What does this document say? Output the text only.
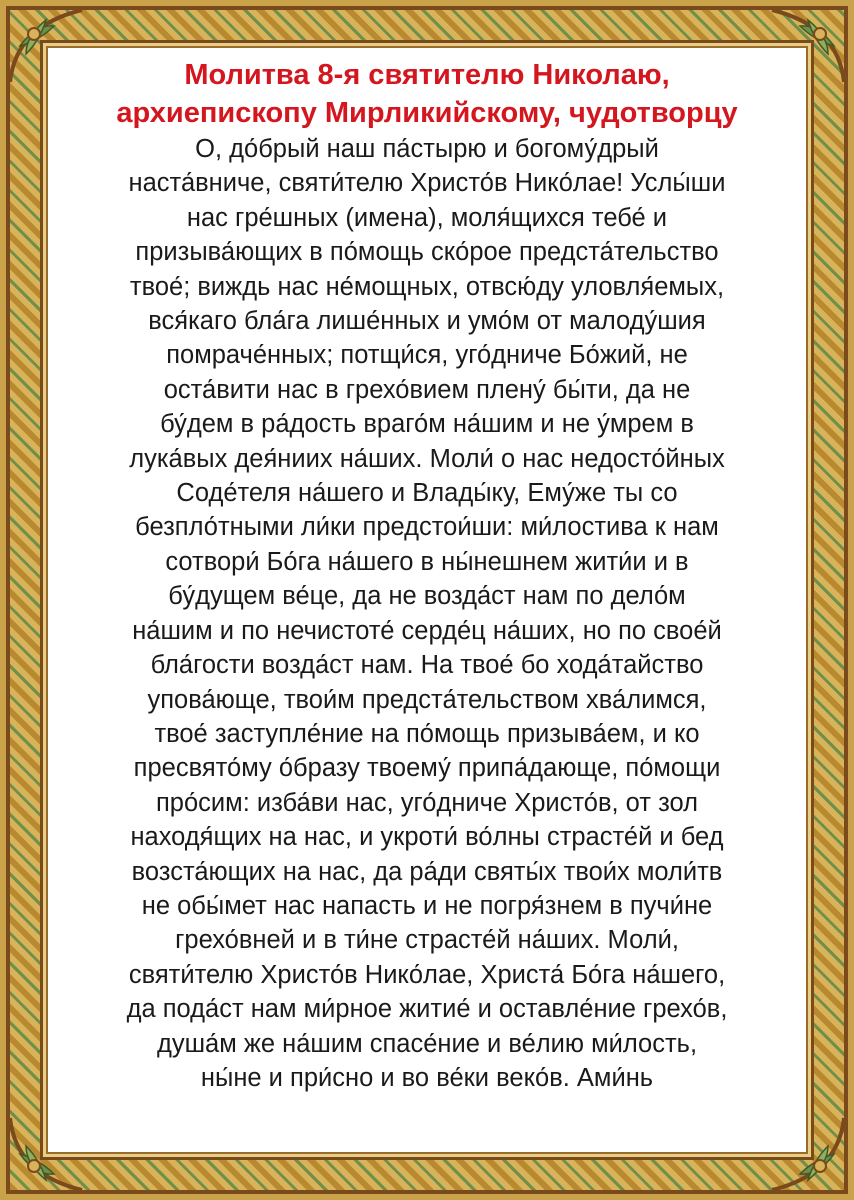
Молитва 8-я святителю Николаю,
архиепископу Мирликийскому, чудотворцу

О, до́брый наш па́стырю и богому́дрый
наста́вниче, святи́телю Христо́в Нико́лае! Услы́ши
нас гре́шных (имена), моля́щихся тебе́ и
призыва́ющих в по́мощь ско́рое предста́тельство
твое́; виждь нас не́мощных, отвсю́ду уловля́емых,
вся́каго бла́га лише́нных и умо́м от малоду́шия
помраче́нных; потщи́ся, уго́дниче Бо́жий, не
оста́вити нас в грехо́вием плену́ бы́ти, да не
бу́дем в ра́дость враго́м на́шим и не у́мрем в
лука́вых дея́ниих на́ших. Моли́ о нас недосто́йных
Соде́теля на́шего и Влады́ку, Ему́же ты со
безпло́тными ли́ки предстои́ши: ми́лостива к нам
сотвори́ Бо́га на́шего в ны́нешнем жити́и и в
бу́дущем ве́це, да не возда́ст нам по дело́м
на́шим и по нечистоте́ серде́ц на́ших, но по свое́й
бла́гости возда́ст нам. На твое́ бо хода́тайство
упова́юще, твои́м предста́тельством хва́лимся,
твое́ заступле́ние на по́мощь призыва́ем, и ко
пресвято́му о́бразу твоему́ припа́дающе, по́мощи
про́сим: изба́ви нас, уго́дниче Христо́в, от зол
находя́щих на нас, и укроти́ во́лны страсте́й и бед
возста́ющих на нас, да ра́ди святы́х твои́х моли́тв
не обы́мет нас напасть и не погря́знем в пучи́не
грехо́вней и в ти́не страсте́й на́ших. Моли́,
святи́телю Христо́в Нико́лае, Христа́ Бо́га на́шего,
да пода́ст нам ми́рное житие́ и оставле́ние грехо́в,
душа́м же на́шим спасе́ние и ве́лию ми́лость,
ны́не и при́сно и во ве́ки веко́в. Ами́нь
